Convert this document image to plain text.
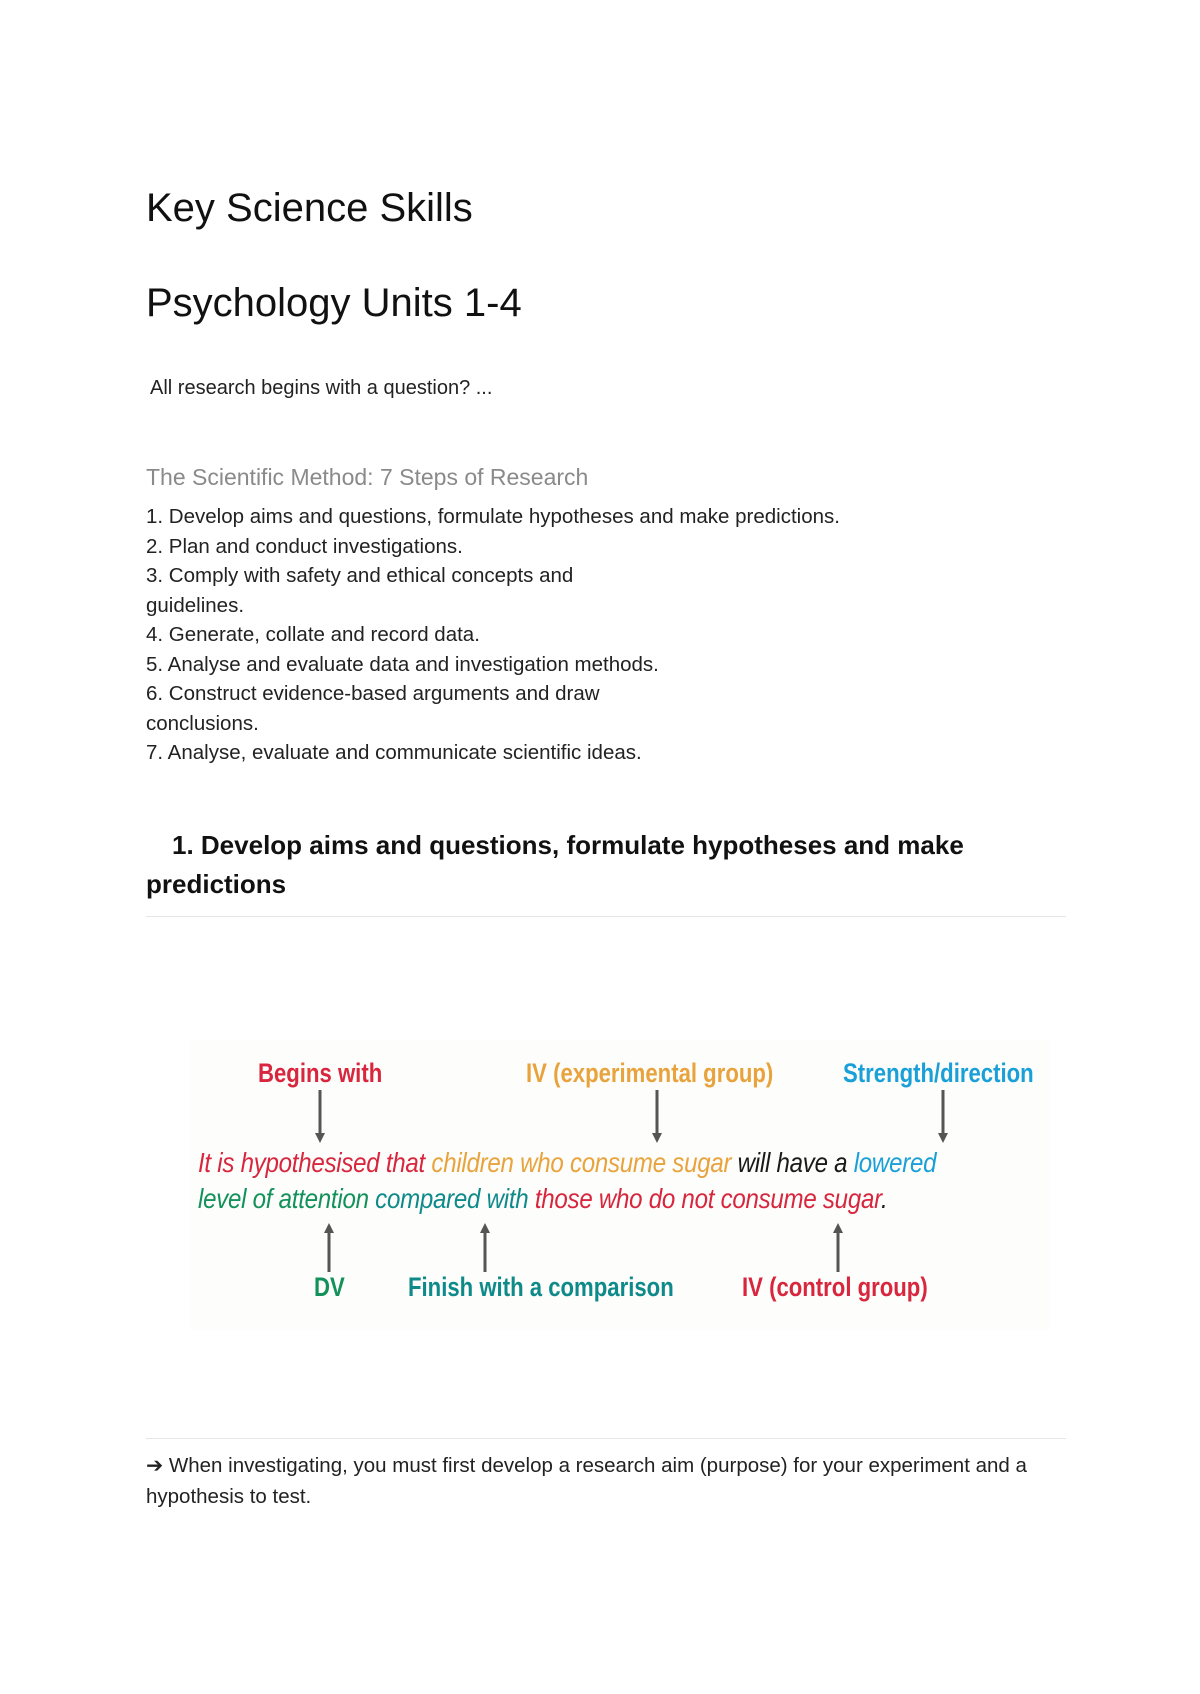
Key Science Skills
Psychology Units 1-4

All research begins with a question? ...

The Scientific Method: 7 Steps of Research

1. Develop aims and questions, formulate hypotheses and make predictions.
2. Plan and conduct investigations.
3. Comply with safety and ethical concepts and guidelines.
4. Generate, collate and record data.
5. Analyse and evaluate data and investigation methods.
6. Construct evidence-based arguments and draw conclusions.
7. Analyse, evaluate and communicate scientific ideas.
1. Develop aims and questions, formulate hypotheses and make
predictions
Begins with	IV (experimental group)	Strength/direction
It is hypothesised that children who consume sugar will have a lowered
level of attention compared with those who do not consume sugar.
DV Finish with a comparison	IV (control group)

➔ When investigating, you must first develop a research aim (purpose) for your experiment and a hypothesis to test.
